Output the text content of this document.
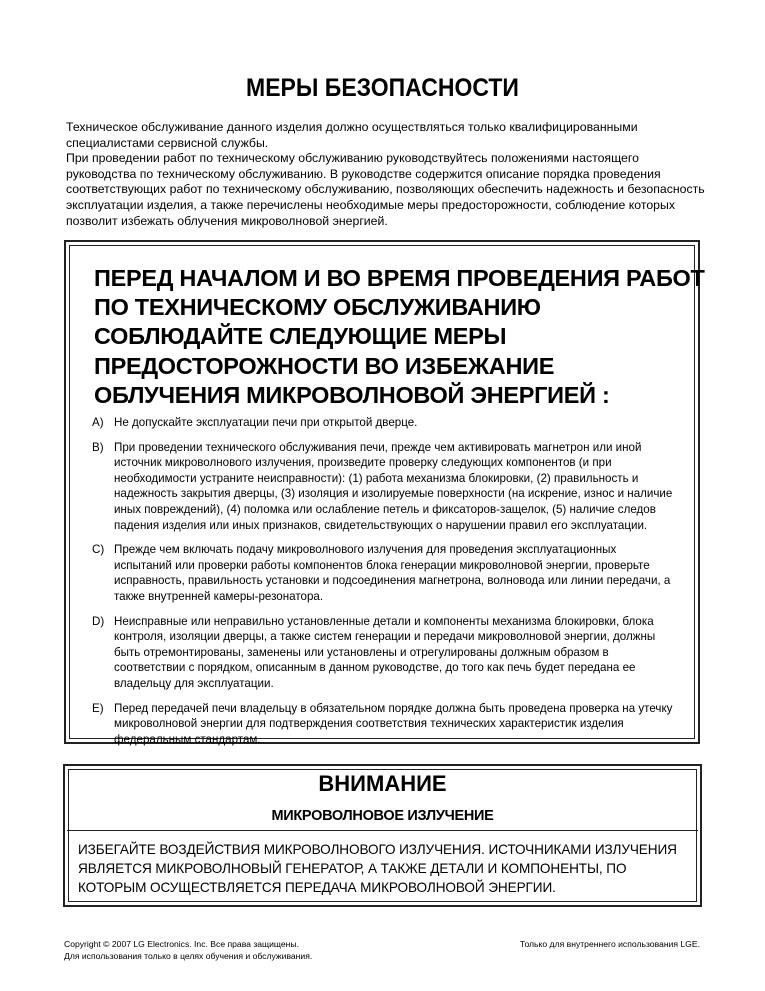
МЕРЫ БЕЗОПАСНОСТИ

Техническое обслуживание данного изделия должно осуществляться только квалифицированными

специалистами сервисной службы.

При проведении работ по техническому обслуживанию руководствуйтесь положениями настоящего

руководства по техническому обслуживанию. В руководстве содержится описание порядка проведения

соответствующих работ по техническому обслуживанию, позволяющих обеспечить надежность и безопасность

эксплуатации изделия, а также перечислены необходимые меры предосторожности, соблюдение которых

позволит избежать облучения микроволновой энергией.

ПЕРЕД НАЧАЛОМ И ВО ВРЕМЯ ПРОВЕДЕНИЯ РАБОТ
ПО ТЕХНИЧЕСКОМУ ОБСЛУЖИВАНИЮ
СОБЛЮДАЙТЕ СЛЕДУЮЩИЕ МЕРЫ
ПРЕДОСТОРОЖНОСТИ ВО ИЗБЕЖАНИЕ
ОБЛУЧЕНИЯ МИКРОВОЛНОВОЙ ЭНЕРГИЕЙ :
A) Не допускайте эксплуатации печи при открытой дверце.
B) При проведении технического обслуживания печи, прежде чем активировать магнетрон или иной
источник микроволнового излучения, произведите проверку следующих компонентов (и при
необходимости устраните неисправности): (1) работа механизма блокировки, (2) правильность и
надежность закрытия дверцы, (3) изоляция и изолируемые поверхности (на искрение, износ и наличие
иных повреждений), (4) поломка или ослабление петель и фиксаторов-защелок, (5) наличие следов
падения изделия или иных признаков, свидетельствующих о нарушении правил его эксплуатации.
C) Прежде чем включать подачу микроволнового излучения для проведения эксплуатационных
испытаний или проверки работы компонентов блока генерации микроволновой энергии, проверьте
исправность, правильность установки и подсоединения магнетрона, волновода или линии передачи, а
также внутренней камеры-резонатора.
D) Неисправные или неправильно установленные детали и компоненты механизма блокировки, блока
контроля, изоляции дверцы, а также систем генерации и передачи микроволновой энергии, должны
быть отремонтированы, заменены или установлены и отрегулированы должным образом в
соответствии с порядком, описанным в данном руководстве, до того как печь будет передана ее
владельцу для эксплуатации.
E) Перед передачей печи владельцу в обязательном порядке должна быть проведена проверка на утечку
микроволновой энергии для подтверждения соответствия технических характеристик изделия
федеральным стандартам.
ВНИМАНИЕ
МИКРОВОЛНОВОЕ ИЗЛУЧЕНИЕ
ИЗБЕГАЙТЕ ВОЗДЕЙСТВИЯ МИКРОВОЛНОВОГО ИЗЛУЧЕНИЯ. ИСТОЧНИКАМИ ИЗЛУЧЕНИЯ
ЯВЛЯЕТСЯ МИКРОВОЛНОВЫЙ ГЕНЕРАТОР, А ТАКЖЕ ДЕТАЛИ И КОМПОНЕНТЫ, ПО
КОТОРЫМ ОСУЩЕСТВЛЯЕТСЯ ПЕРЕДАЧА МИКРОВОЛНОВОЙ ЭНЕРГИИ.
Copyright © 2007 LG Electronics. Inc. Все права защищены.
Для использования только в целях обучения и обслуживания.
Только для внутреннего использования LGE.
